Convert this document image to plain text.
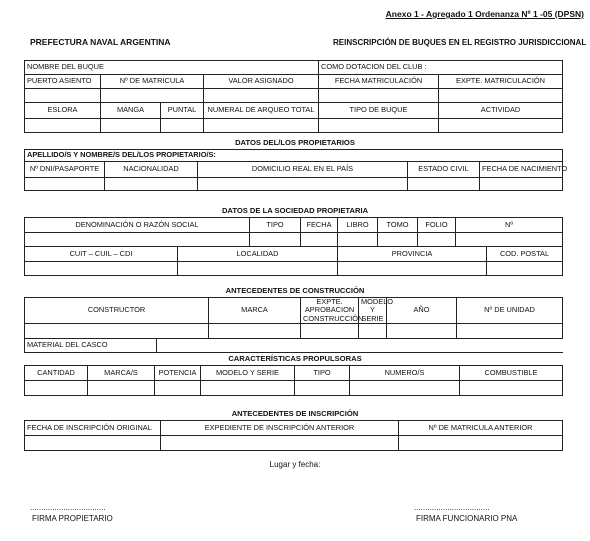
Anexo 1 - Agregado 1 Ordenanza Nº 1 -05 (DPSN)
PREFECTURA NAVAL ARGENTINA	REINSCRIPCIÓN DE BUQUES EN EL REGISTRO JURISDICCIONAL
NOMBRE DEL BUQUE				COMO DOTACION DEL CLUB :	
PUERTO ASIENTO	Nº DE MATRICULA		VALOR ASIGNADO	FECHA MATRICULACIÓN	EXPTE. MATRICULACIÓN

ESLORA	MANGA	PUNTAL	NUMERAL DE ARQUEO TOTAL	TIPO DE BUQUE	ACTIVIDAD

DATOS DEL/LOS PROPIETARIOS
APELLIDO/S Y NOMBRE/S DEL/LOS PROPIETARIO/S:				
Nº DNI/PASAPORTE	NACIONALIDAD	DOMICILIO REAL EN EL PAÍS	ESTADO CIVIL	FECHA DE NACIMIENTO

DATOS DE LA SOCIEDAD PROPIETARIA
DENOMINACIÓN O RAZÓN SOCIAL		TIPO	FECHA	LIBRO	TOMO	FOLIO	Nº	

CUIT – CUIL – CDI	LOCALIDAD			PROVINCIA				COD. POSTAL

ANTECEDENTES DE CONSTRUCCIÓN
CONSTRUCTOR		MARCA	EXPTE. APROBACION CONSTRUCCIÓN	MODELO Y SERIE	AÑO	Nº DE UNIDAD	

MATERIAL DEL CASCO							
CARACTERÍSTICAS PROPULSORAS
CANTIDAD	MARCA/S	POTENCIA	MODELO Y SERIE	TIPO	NUMERO/S	COMBUSTIBLE

ANTECEDENTES DE INSCRIPCIÓN
FECHA DE INSCRIPCIÓN ORIGINAL	EXPEDIENTE DE INSCRIPCIÓN ANTERIOR	Nº DE MATRICULA ANTERIOR

Lugar y fecha:
..................................
FIRMA PROPIETARIO
..................................
FIRMA FUNCIONARIO PNA
